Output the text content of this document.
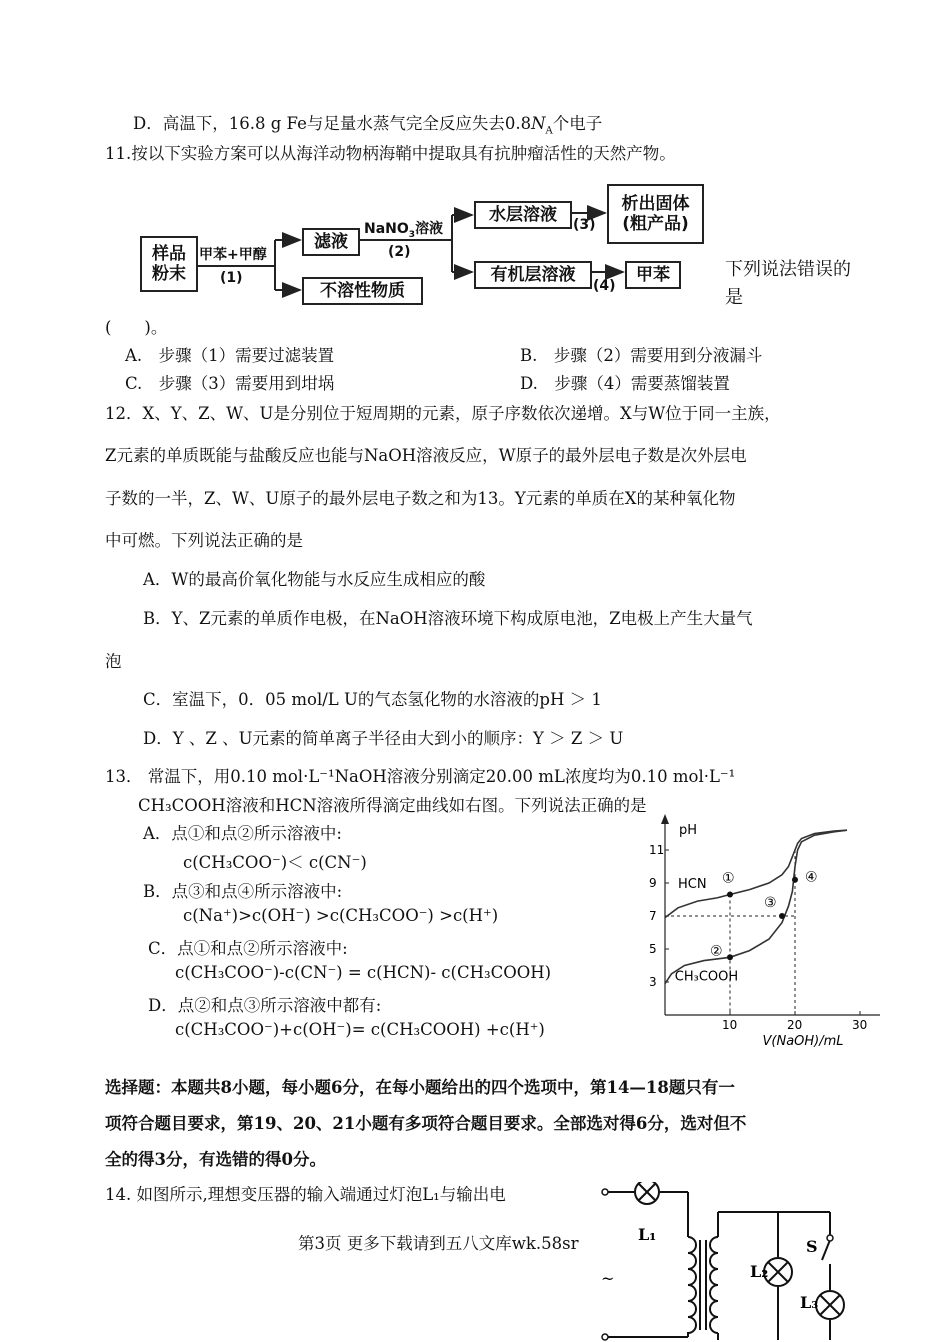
D．高温下，16.8 g Fe与足量水蒸气完全反应失去$0.8N_A$个电子
11.按以下实验方案可以从海洋动物柄海鞘中提取具有抗肿瘤活性的天然产物。
样品粉末
甲苯+甲醇
(1)
滤液
不溶性物质
NaNO$_3$溶液
(2)
水层溶液
有机层溶液
(3)
(4)
析出固体(粗产品)
甲苯	下列说法错误的是
(　　)。
A.　步骤（1）需要过滤装置	B.　步骤（2）需要用到分液漏斗
C.　步骤（3）需要用到坩埚	D.　步骤（4）需要蒸馏装置
12．X、Y、Z、W、U是分别位于短周期的元素，原子序数依次递增。X与W位于同一主族，
Z元素的单质既能与盐酸反应也能与NaOH溶液反应，W原子的最外层电子数是次外层电
子数的一半，Z、W、U原子的最外层电子数之和为13。Y元素的单质在X的某种氧化物
中可燃。下列说法正确的是
A．W的最高价氧化物能与水反应生成相应的酸
B．Y、Z元素的单质作电极，在NaOH溶液环境下构成原电池，Z电极上产生大量气
泡
C．室温下，0．05 mol/L U的气态氢化物的水溶液的pH ＞ 1
D．Y 、Z 、U元素的简单离子半径由大到小的顺序：Y ＞ Z ＞ U
13． 常温下，用0.10 mol·L⁻¹NaOH溶液分别滴定20.00 mL浓度均为0.10 mol·L⁻¹
CH₃COOH溶液和HCN溶液所得滴定曲线如右图。下列说法正确的是
A．点①和点②所示溶液中:
c(CH₃COO⁻)＜ c(CN⁻)
B．点③和点④所示溶液中:
c(Na⁺)>c(OH⁻) >c(CH₃COO⁻) >c(H⁺)
C．点①和点②所示溶液中:
c(CH₃COO⁻)-c(CN⁻) = c(HCN)- c(CH₃COOH)
D．点②和点③所示溶液中都有:
c(CH₃COO⁻)+c(OH⁻)= c(CH₃COOH) +c(H⁺)	10	20	30
3
5
7
9
11
pH
V(NaOH)/mL
HCN
CH₃COOH
①
②
③
④
选择题：本题共8小题，每小题6分，在每小题给出的四个选项中，第14—18题只有一
项符合题目要求，第19、20、21小题有多项符合题目要求。全部选对得6分，选对但不
全的得3分，有选错的得0分。
14. 如图所示,理想变压器的输入端通过灯泡L₁与输出电
第3页 更多下载请到五八文库wk.58sr	L₁
L₂
L₃
S
~
